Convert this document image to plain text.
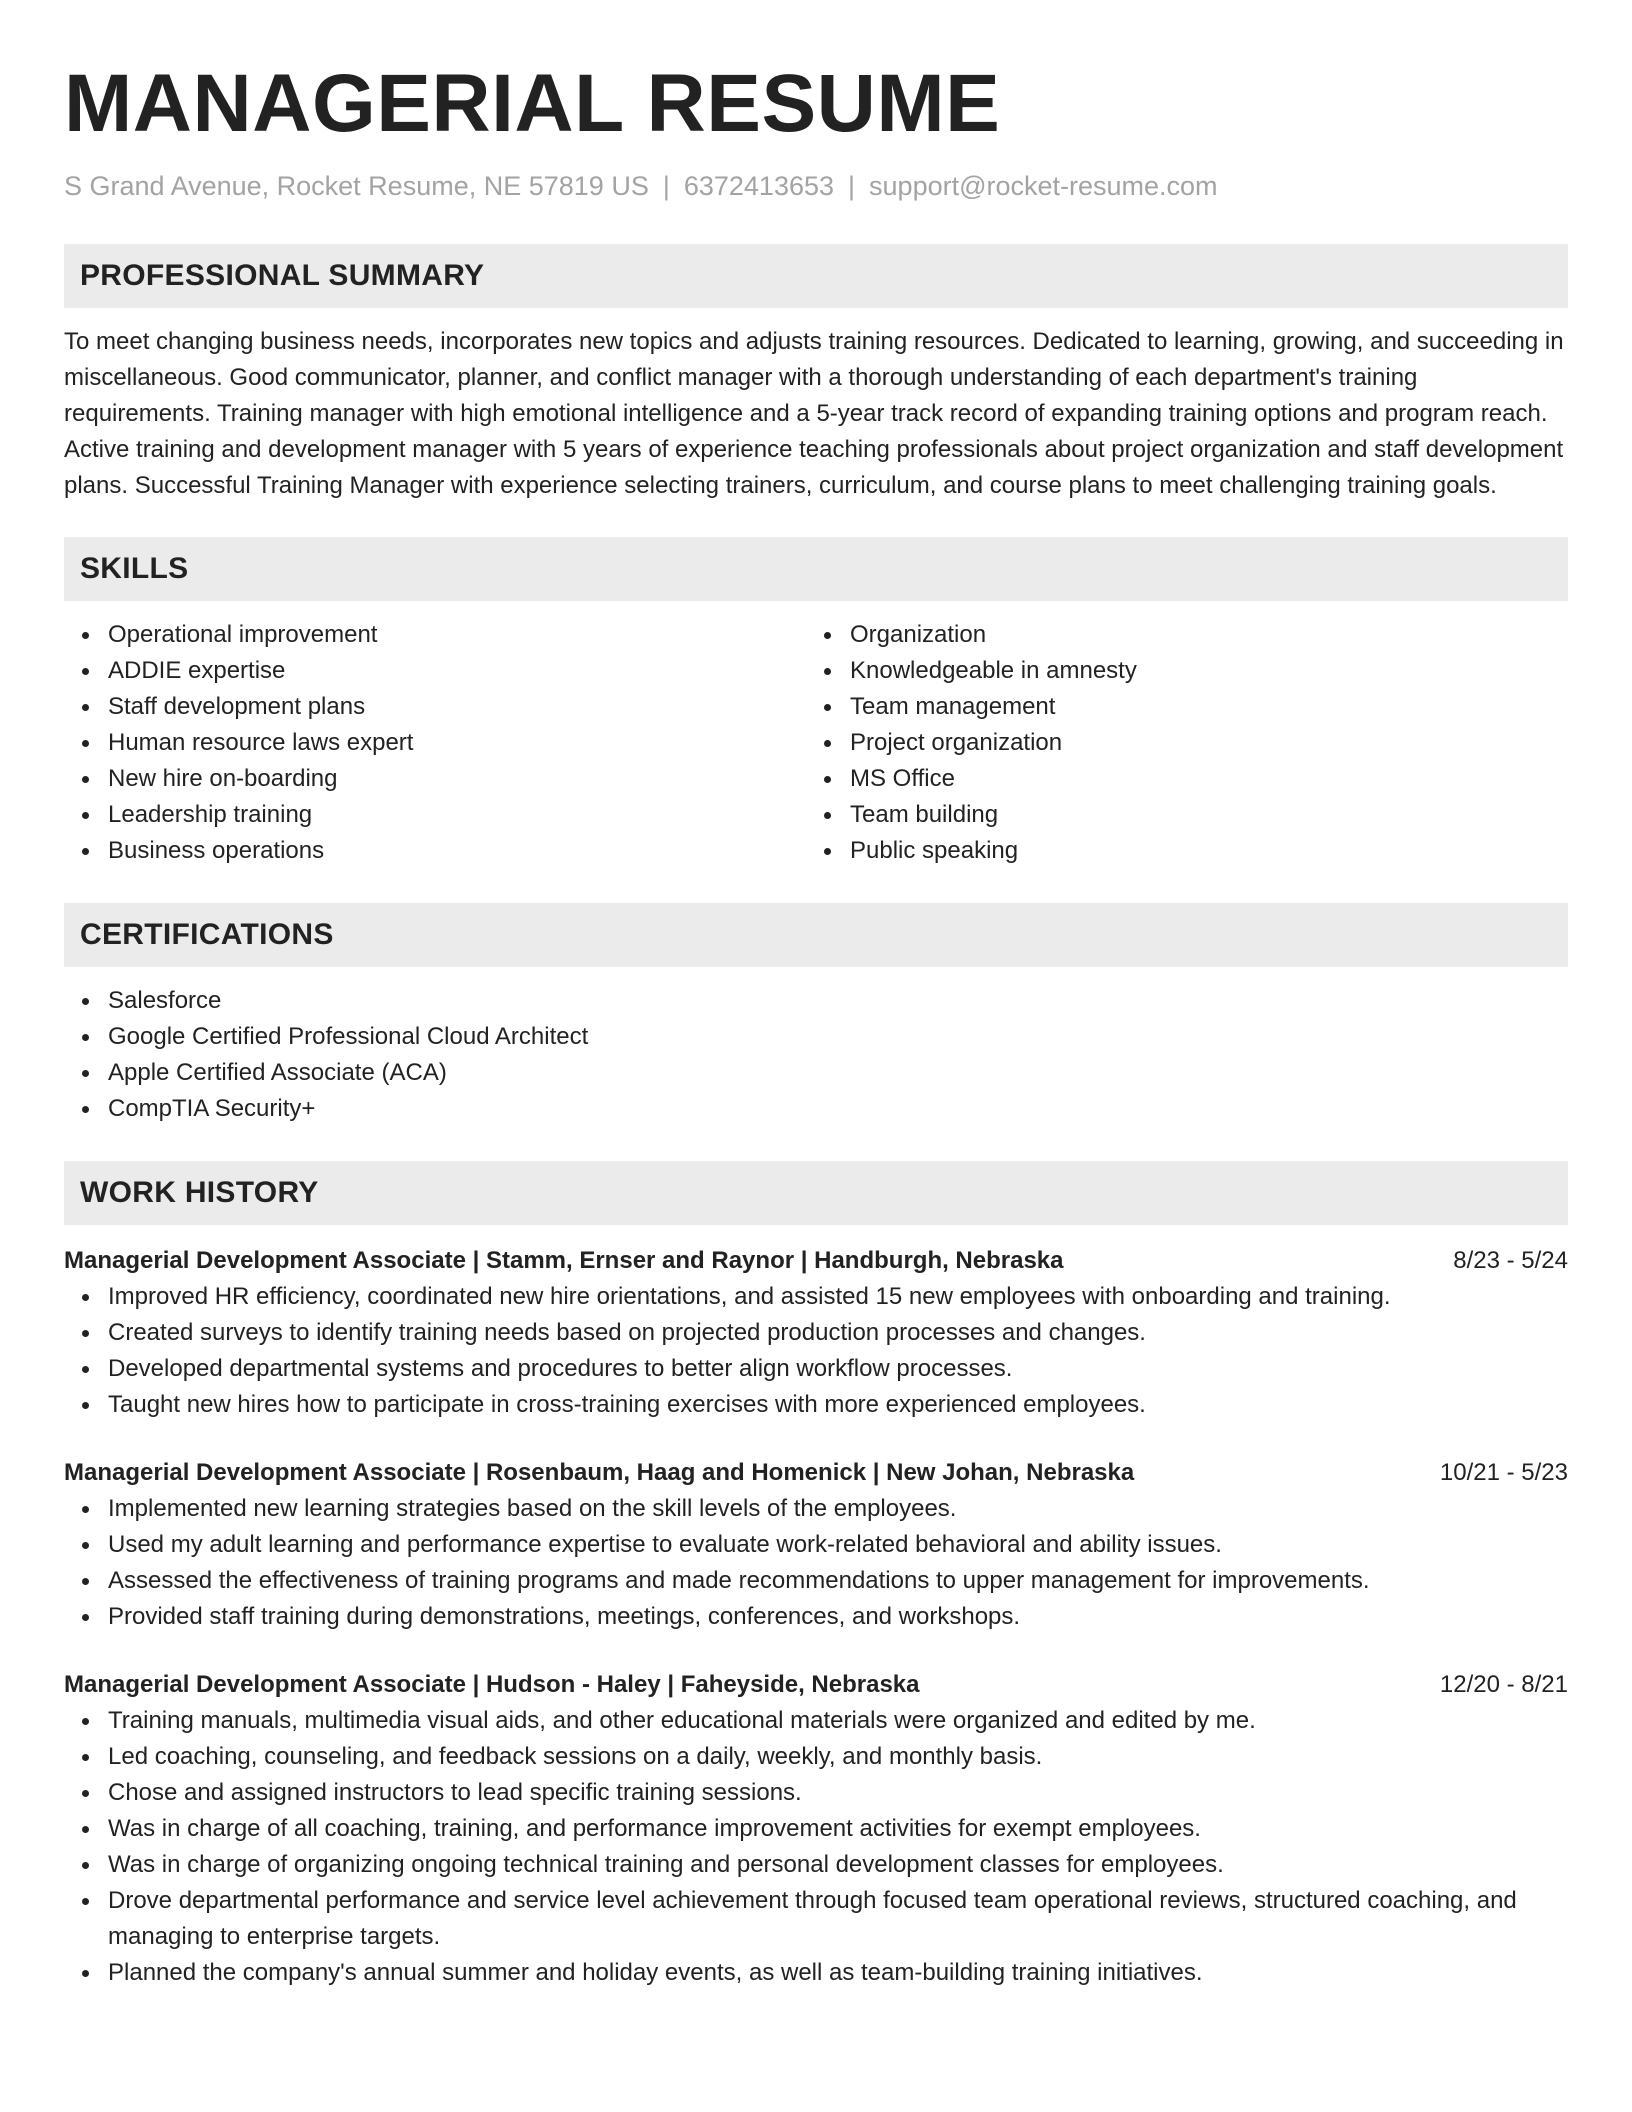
MANAGERIAL RESUME
S Grand Avenue, Rocket Resume, NE 57819 US | 6372413653 | support@rocket-resume.com
PROFESSIONAL SUMMARY
To meet changing business needs, incorporates new topics and adjusts training resources. Dedicated to learning, growing, and succeeding in miscellaneous. Good communicator, planner, and conflict manager with a thorough understanding of each department's training requirements. Training manager with high emotional intelligence and a 5-year track record of expanding training options and program reach. Active training and development manager with 5 years of experience teaching professionals about project organization and staff development plans. Successful Training Manager with experience selecting trainers, curriculum, and course plans to meet challenging training goals.
SKILLS
Operational improvement
ADDIE expertise
Staff development plans
Human resource laws expert
New hire on-boarding
Leadership training
Business operations
Organization
Knowledgeable in amnesty
Team management
Project organization
MS Office
Team building
Public speaking
CERTIFICATIONS
Salesforce
Google Certified Professional Cloud Architect
Apple Certified Associate (ACA)
CompTIA Security+
WORK HISTORY
Managerial Development Associate | Stamm, Ernser and Raynor | Handburgh, Nebraska	8/23 - 5/24
Improved HR efficiency, coordinated new hire orientations, and assisted 15 new employees with onboarding and training.
Created surveys to identify training needs based on projected production processes and changes.
Developed departmental systems and procedures to better align workflow processes.
Taught new hires how to participate in cross-training exercises with more experienced employees.
Managerial Development Associate | Rosenbaum, Haag and Homenick | New Johan, Nebraska	10/21 - 5/23
Implemented new learning strategies based on the skill levels of the employees.
Used my adult learning and performance expertise to evaluate work-related behavioral and ability issues.
Assessed the effectiveness of training programs and made recommendations to upper management for improvements.
Provided staff training during demonstrations, meetings, conferences, and workshops.
Managerial Development Associate | Hudson - Haley | Faheyside, Nebraska	12/20 - 8/21
Training manuals, multimedia visual aids, and other educational materials were organized and edited by me.
Led coaching, counseling, and feedback sessions on a daily, weekly, and monthly basis.
Chose and assigned instructors to lead specific training sessions.
Was in charge of all coaching, training, and performance improvement activities for exempt employees.
Was in charge of organizing ongoing technical training and personal development classes for employees.
Drove departmental performance and service level achievement through focused team operational reviews, structured coaching, and managing to enterprise targets.
Planned the company's annual summer and holiday events, as well as team-building training initiatives.
